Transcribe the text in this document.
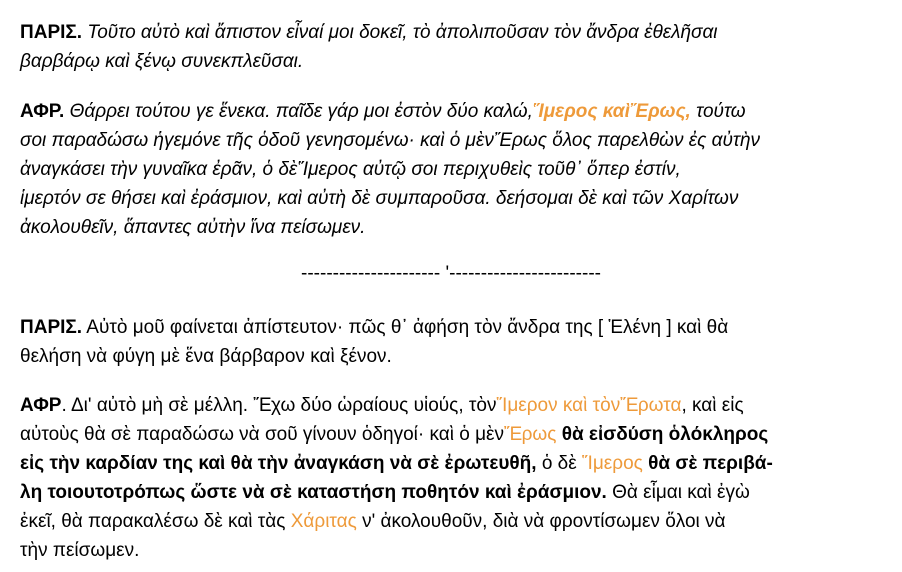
ΠΑΡΙΣ. Τοῦτο αὐτὸ καὶ ἄπιστον εἶναί μοι δοκεῖ, τὸ ἀπολιποῦσαν τὸν ἄνδρα ἐθελῆσαι
βαρβάρῳ καὶ ξένῳ συνεκπλεῦσαι.
ΑΦΡ. Θάρρει τούτου γε ἕνεκα. παῖδε γάρ μοι ἐστὸν δύο καλώ,Ἵμερος καὶἜρως, τούτω
σοι παραδώσω ἡγεμόνε τῆς ὁδοῦ γενησομένω· καὶ ὁ μὲνἜρως ὅλος παρελθὼν ἐς αὐτὴν
ἀναγκάσει τὴν γυναῖκα ἐρᾶν, ὁ δὲἽμερος αὐτῷ σοι περιχυθεὶς τοῦθ᾽ ὅπερ ἐστίν,
ἱμερτόν σε θήσει καὶ ἐράσμιον, καὶ αὐτὴ δὲ συμπαροῦσα. δεήσομαι δὲ καὶ τῶν Χαρίτων
ἀκολουθεῖν, ἅπαντες αὐτὴν ἵνα πείσωμεν.
---------------------- '------------------------
ΠΑΡΙΣ. Αὐτὸ μοῦ φαίνεται ἀπίστευτον· πῶς θ᾽ ἀφήση τὸν ἄνδρα της [ Ἑλένη ] καὶ θὰ
θελήση νὰ φύγη μὲ ἕνα βάρβαρον καὶ ξένον.
ΑΦΡ. Δι' αὐτὸ μὴ σὲ μέλλη. Ἔχω δύο ὡραίους υἱούς, τὸνἽμερον καὶ τὸνἜρωτα, καὶ εἰς
αὐτοὺς θὰ σὲ παραδώσω νὰ σοῦ γίνουν ὁδηγοί· καὶ ὁ μὲνἜρως θὰ εἰσδύση ὁλόκληρος
εἰς τὴν καρδίαν της καὶ θὰ τὴν ἀναγκάση νὰ σὲ ἐρωτευθῆ, ὁ δὲ Ἵμερος θὰ σὲ περιβά-
λη τοιουτοτρόπως ὥστε νὰ σὲ καταστήση ποθητόν καὶ ἐράσμιον. Θὰ εἶμαι καὶ ἐγὼ
ἐκεῖ, θὰ παρακαλέσω δὲ καὶ τὰς Χάριτας ν' ἀκολουθοῦν, διὰ νὰ φροντίσωμεν ὅλοι νὰ
τὴν πείσωμεν.
